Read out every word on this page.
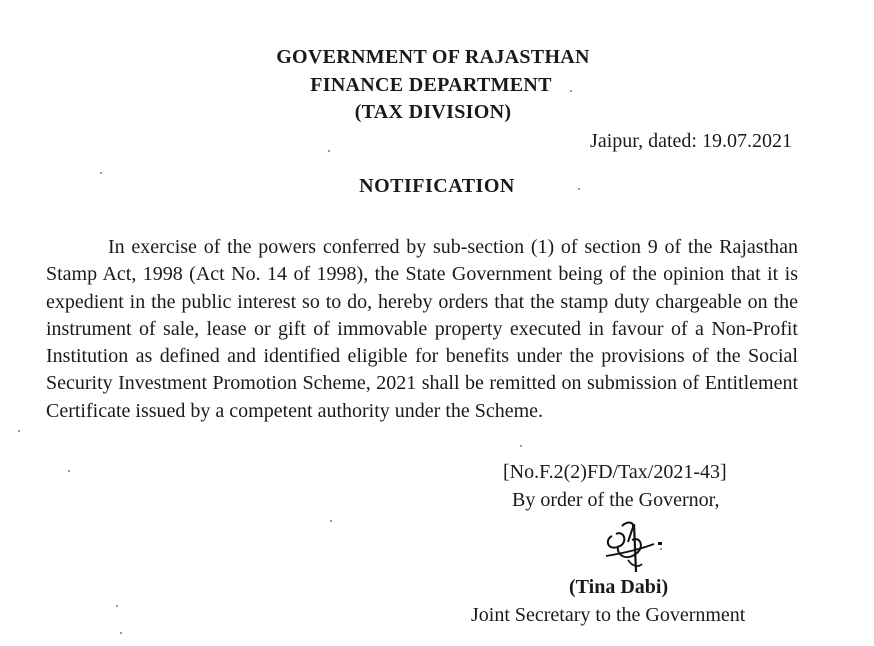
GOVERNMENT OF RAJASTHAN
FINANCE DEPARTMENT
(TAX DIVISION)
Jaipur, dated: 19.07.2021
NOTIFICATION

In exercise of the powers conferred by sub-section (1) of section 9 of the Rajasthan Stamp Act, 1998 (Act No. 14 of 1998), the State Government being of the opinion that it is expedient in the public interest so to do, hereby orders that the stamp duty chargeable on the instrument of sale, lease or gift of immovable property executed in favour of a Non-Profit Institution as defined and identified eligible for benefits under the provisions of the Social Security Investment Promotion Scheme, 2021 shall be remitted on submission of Entitlement Certificate issued by a competent authority under the Scheme.

[No.F.2(2)FD/Tax/2021-43]
By order of the Governor,
(Tina Dabi)
Joint Secretary to the Government
